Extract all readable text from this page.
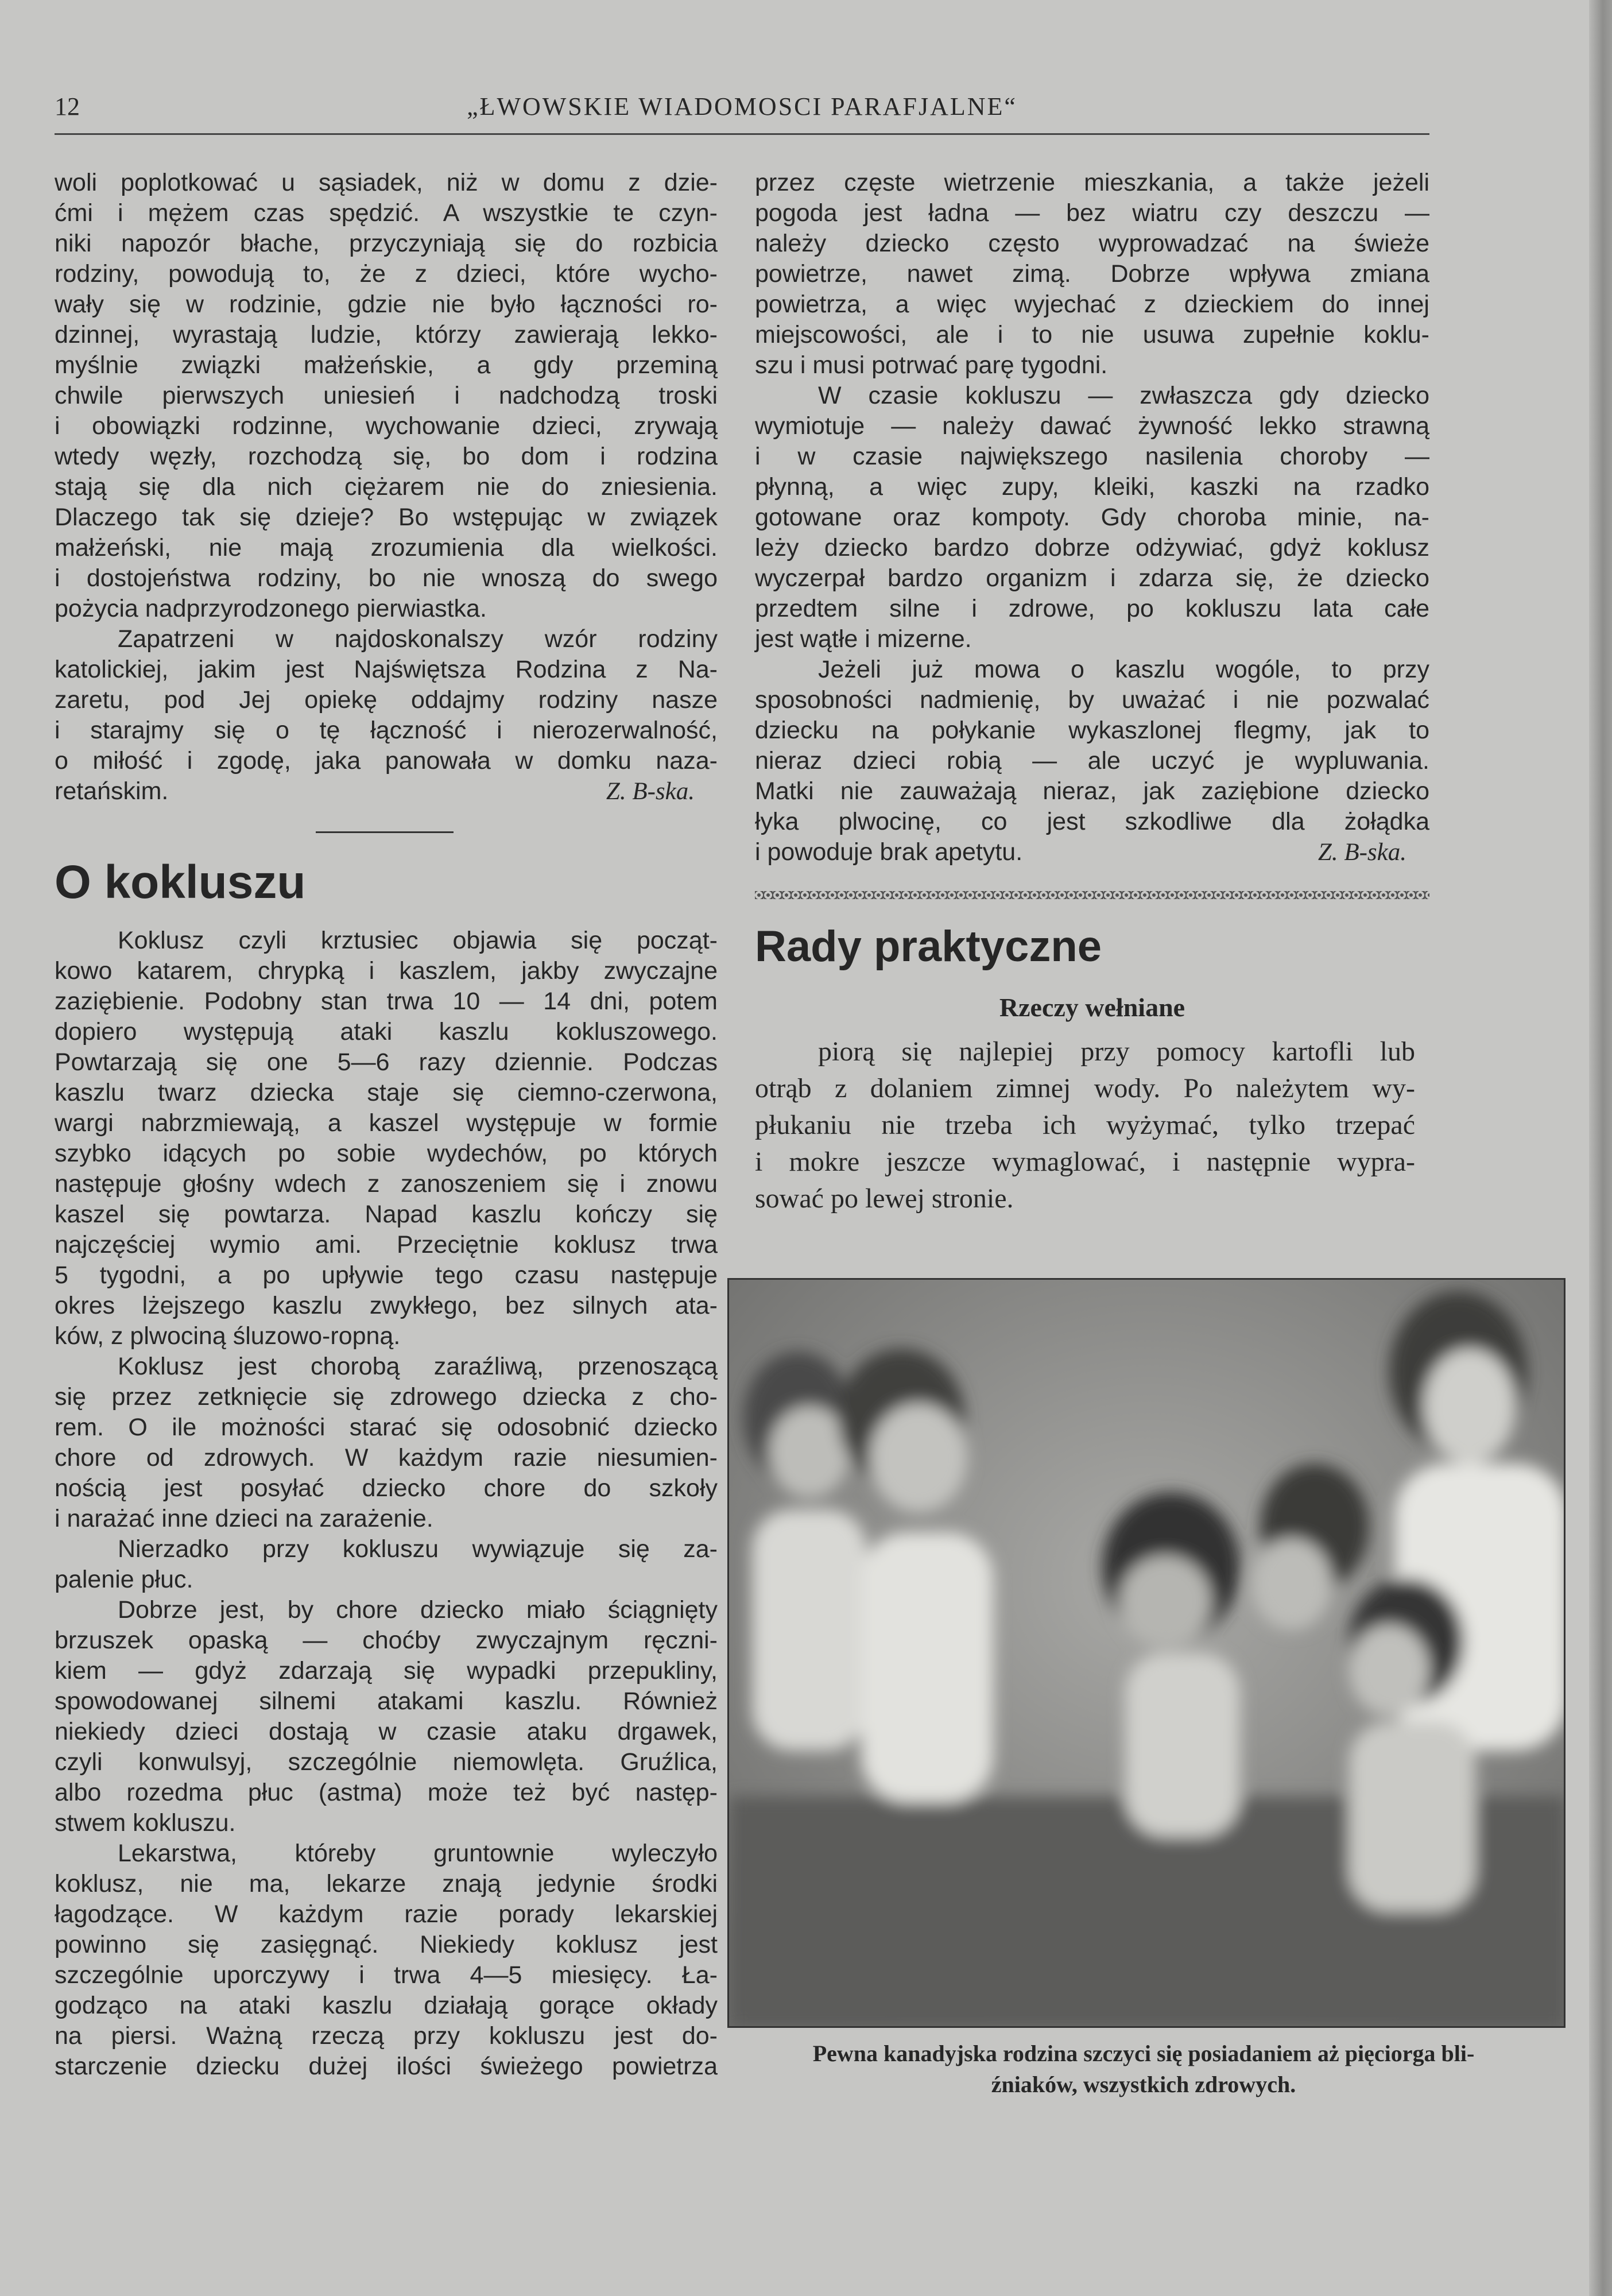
12	„ŁWOWSKIE WIADOMOSCI PARAFJALNE“
woli poplotkować u sąsiadek, niż w domu z dzie-
ćmi i mężem czas spędzić. A wszystkie te czyn-
niki napozór błache, przyczyniają się do rozbicia
rodziny, powodują to, że z dzieci, które wycho-
wały się w rodzinie, gdzie nie było łączności ro-
dzinnej, wyrastają ludzie, którzy zawierają lekko-
myślnie związki małżeńskie, a gdy przeminą
chwile pierwszych uniesień i nadchodzą troski
i obowiązki rodzinne, wychowanie dzieci, zrywają
wtedy węzły, rozchodzą się, bo dom i rodzina
stają się dla nich ciężarem nie do zniesienia.
Dlaczego tak się dzieje? Bo wstępując w związek
małżeński, nie mają zrozumienia dla wielkości.
i dostojeństwa rodziny, bo nie wnoszą do swego
pożycia nadprzyrodzonego pierwiastka.
Zapatrzeni w najdoskonalszy wzór rodziny
katolickiej, jakim jest Najświętsza Rodzina z Na-
zaretu, pod Jej opiekę oddajmy rodziny nasze
i starajmy się o tę łączność i nierozerwalność,
o miłość i zgodę, jaka panowała w domku naza-
retańskim.	Z. B-ska.
O kokluszu
Koklusz czyli krztusiec objawia się począt-
kowo katarem, chrypką i kaszlem, jakby zwyczajne
zaziębienie. Podobny stan trwa 10 — 14 dni, potem
dopiero występują ataki kaszlu kokluszowego.
Powtarzają się one 5—6 razy dziennie. Podczas
kaszlu twarz dziecka staje się ciemno-czerwona,
wargi nabrzmiewają, a kaszel występuje w formie
szybko idących po sobie wydechów, po których
następuje głośny wdech z zanoszeniem się i znowu
kaszel się powtarza. Napad kaszlu kończy się
najczęściej wymio ami. Przeciętnie koklusz trwa
5 tygodni, a po upływie tego czasu następuje
okres lżejszego kaszlu zwykłego, bez silnych ata-
ków, z plwociną śluzowo-ropną.
Koklusz jest chorobą zaraźliwą, przenoszącą
się przez zetknięcie się zdrowego dziecka z cho-
rem. O ile możności starać się odosobnić dziecko
chore od zdrowych. W każdym razie niesumien-
nością jest posyłać dziecko chore do szkoły
i narażać inne dzieci na zarażenie.
Nierzadko przy kokluszu wywiązuje się za-
palenie płuc.
Dobrze jest, by chore dziecko miało ściągnięty
brzuszek opaską — choćby zwyczajnym ręczni-
kiem — gdyż zdarzają się wypadki przepukliny,
spowodowanej silnemi atakami kaszlu. Również
niekiedy dzieci dostają w czasie ataku drgawek,
czyli konwulsyj, szczególnie niemowlęta. Gruźlica,
albo rozedma płuc (astma) może też być następ-
stwem kokluszu.
Lekarstwa, któreby gruntownie wyleczyło
koklusz, nie ma, lekarze znają jedynie środki
łagodzące. W każdym razie porady lekarskiej
powinno się zasięgnąć. Niekiedy koklusz jest
szczególnie uporczywy i trwa 4—5 miesięcy. Ła-
godząco na ataki kaszlu działają gorące okłady
na piersi. Ważną rzeczą przy kokluszu jest do-
starczenie dziecku dużej ilości świeżego powietrza
przez częste wietrzenie mieszkania, a także jeżeli
pogoda jest ładna — bez wiatru czy deszczu —
należy dziecko często wyprowadzać na świeże
powietrze, nawet zimą. Dobrze wpływa zmiana
powietrza, a więc wyjechać z dzieckiem do innej
miejscowości, ale i to nie usuwa zupełnie koklu-
szu i musi potrwać parę tygodni.
W czasie kokluszu — zwłaszcza gdy dziecko
wymiotuje — należy dawać żywność lekko strawną
i w czasie największego nasilenia choroby —
płynną, a więc zupy, kleiki, kaszki na rzadko
gotowane oraz kompoty. Gdy choroba minie, na-
leży dziecko bardzo dobrze odżywiać, gdyż koklusz
wyczerpał bardzo organizm i zdarza się, że dziecko
przedtem silne i zdrowe, po kokluszu lata całe
jest wątłe i mizerne.
Jeżeli już mowa o kaszlu wogóle, to przy
sposobności nadmienię, by uważać i nie pozwalać
dziecku na połykanie wykaszlonej flegmy, jak to
nieraz dzieci robią — ale uczyć je wypluwania.
Matki nie zauważają nieraz, jak zaziębione dziecko
łyka plwocinę, co jest szkodliwe dla żołądka
i powoduje brak apetytu.	Z. B-ska.
Rady praktyczne
Rzeczy wełniane
piorą się najlepiej przy pomocy kartofli lub
otrąb z dolaniem zimnej wody. Po należytem wy-
płukaniu nie trzeba ich wyżymać, tylko trzepać
i mokre jeszcze wymaglować, i następnie wypra-
sować po lewej stronie.
Pewna kanadyjska rodzina szczyci się posiadaniem aż pięciorga bli-
źniaków, wszystkich zdrowych.
